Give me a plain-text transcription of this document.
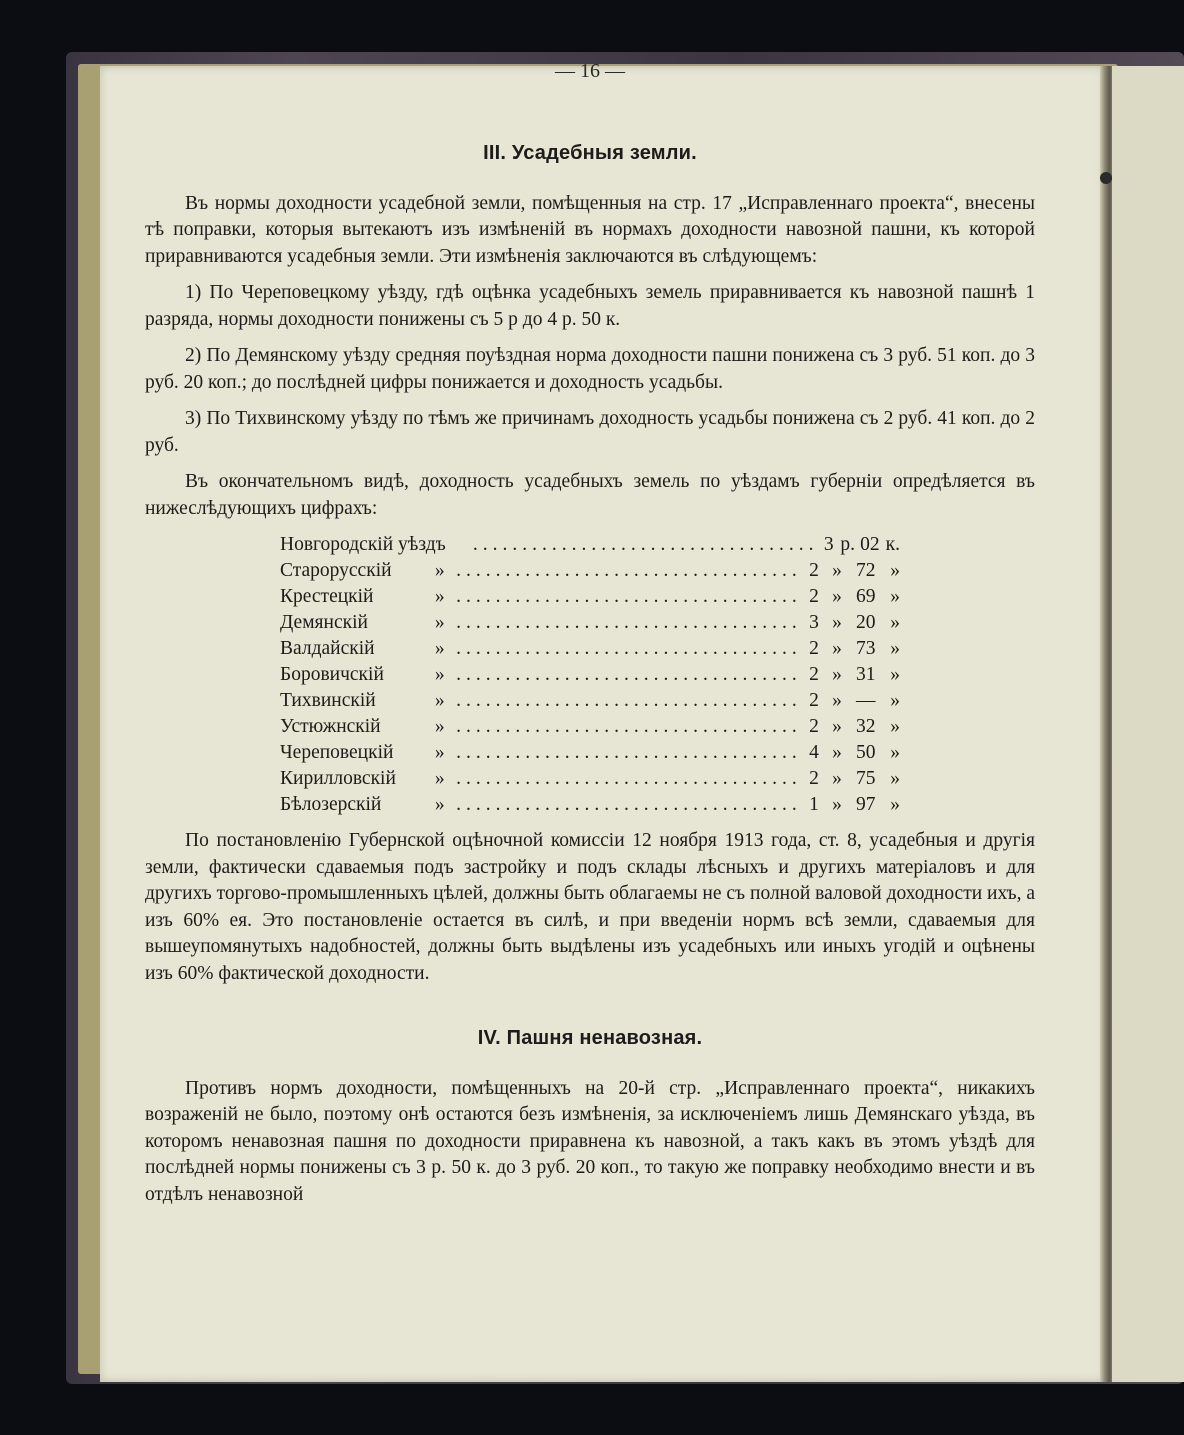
— 16 —
III. Усадебныя земли.

Въ нормы доходности усадебной земли, помѣщенныя на стр. 17 „Исправленнаго проекта“, внесены тѣ поправки, которыя вытекаютъ изъ измѣненій въ нормахъ доходности навозной пашни, къ которой приравниваются усадебныя земли. Эти измѣненія заключаются въ слѣдующемъ:

1) По Череповецкому уѣзду, гдѣ оцѣнка усадебныхъ земель приравнивается къ навозной пашнѣ 1 разряда, нормы доходности понижены съ 5 р до 4 р. 50 к.

2) По Демянскому уѣзду средняя поуѣздная норма доходности пашни понижена съ 3 руб. 51 коп. до 3 руб. 20 коп.; до послѣдней цифры понижается и доходность усадьбы.

3) По Тихвинскому уѣзду по тѣмъ же причинамъ доходность усадьбы понижена съ 2 руб. 41 коп. до 2 руб.

Въ окончательномъ видѣ, доходность усадебныхъ земель по уѣздамъ губерніи опредѣляется въ нижеслѣдующихъ цифрахъ:

Новгородскій уѣздъ ................................... 3 р. 02 к.
Старорусскій	» ................................... 2 » 72 »
Крестецкій	» ................................... 2 » 69 »
Демянскій	» ................................... 3 » 20 »
Валдайскій	» ................................... 2 » 73 »
Боровичскій	» ................................... 2 » 31 »
Тихвинскій	» ................................... 2 » — »
Устюжнскій	» ................................... 2 » 32 »
Череповецкій	» ................................... 4 » 50 »
Кирилловскій	» ................................... 2 » 75 »
Бѣлозерскій	» ................................... 1 » 97 »

По постановленію Губернской оцѣночной комиссіи 12 ноября 1913 года, ст. 8, усадебныя и другія земли, фактически сдаваемыя подъ застройку и подъ склады лѣсныхъ и другихъ матеріаловъ и для другихъ торгово-промышленныхъ цѣлей, должны быть облагаемы не съ полной валовой доходности ихъ, а изъ 60% ея. Это постановленіе остается въ силѣ, и при введеніи нормъ всѣ земли, сдаваемыя для вышеупомянутыхъ надобностей, должны быть выдѣлены изъ усадебныхъ или иныхъ угодій и оцѣнены изъ 60% фактической доходности.

IV. Пашня ненавозная.

Противъ нормъ доходности, помѣщенныхъ на 20-й стр. „Исправленнаго проекта“, никакихъ возраженій не было, поэтому онѣ остаются безъ измѣненія, за исключеніемъ лишь Демянскаго уѣзда, въ которомъ ненавозная пашня по доходности приравнена къ навозной, а такъ какъ въ этомъ уѣздѣ для послѣдней нормы понижены съ 3 р. 50 к. до 3 руб. 20 коп., то такую же поправку необходимо внести и въ отдѣлъ ненавозной
